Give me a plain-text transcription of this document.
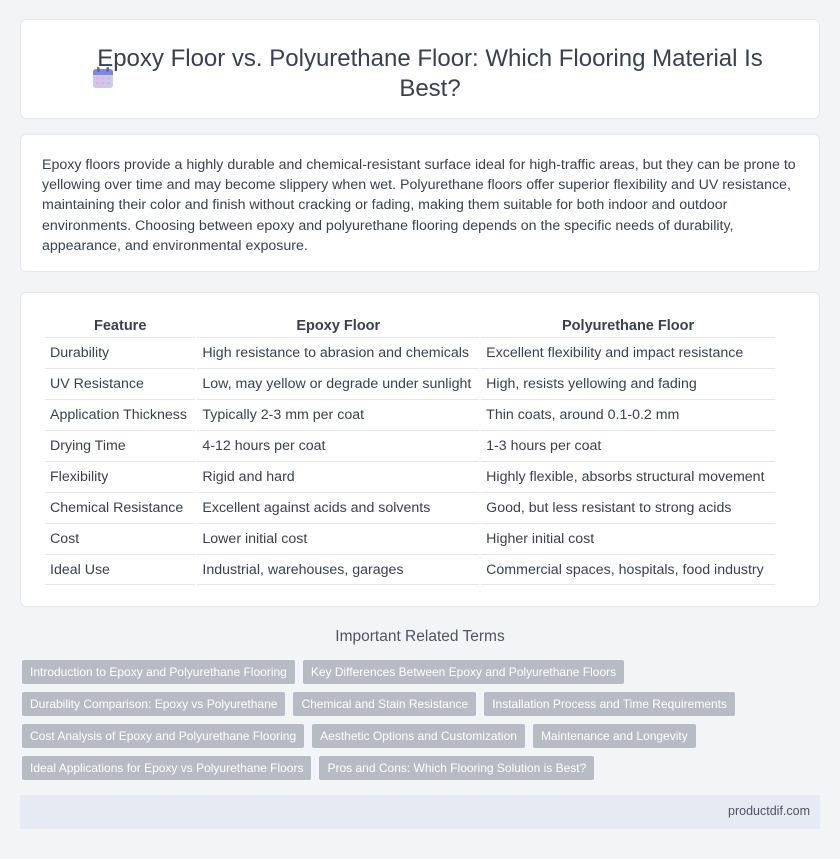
Epoxy Floor vs. Polyurethane Floor: Which Flooring Material Is Best?

Epoxy floors provide a highly durable and chemical-resistant surface ideal for high-traffic areas, but they can be prone to yellowing over time and may become slippery when wet. Polyurethane floors offer superior flexibility and UV resistance, maintaining their color and finish without cracking or fading, making them suitable for both indoor and outdoor environments. Choosing between epoxy and polyurethane flooring depends on the specific needs of durability, appearance, and environmental exposure.

Feature	Epoxy Floor	Polyurethane Floor
Durability	High resistance to abrasion and chemicals	Excellent flexibility and impact resistance
UV Resistance	Low, may yellow or degrade under sunlight	High, resists yellowing and fading
Application Thickness	Typically 2-3 mm per coat	Thin coats, around 0.1-0.2 mm
Drying Time	4-12 hours per coat	1-3 hours per coat
Flexibility	Rigid and hard	Highly flexible, absorbs structural movement
Chemical Resistance	Excellent against acids and solvents	Good, but less resistant to strong acids
Cost	Lower initial cost	Higher initial cost
Ideal Use	Industrial, warehouses, garages	Commercial spaces, hospitals, food industry
Important Related Terms
Introduction to Epoxy and Polyurethane Flooring	Key Differences Between Epoxy and Polyurethane Floors
Durability Comparison: Epoxy vs Polyurethane	Chemical and Stain Resistance	Installation Process and Time Requirements
Cost Analysis of Epoxy and Polyurethane Flooring	Aesthetic Options and Customization	Maintenance and Longevity
Ideal Applications for Epoxy vs Polyurethane Floors	Pros and Cons: Which Flooring Solution is Best?
productdif.com
